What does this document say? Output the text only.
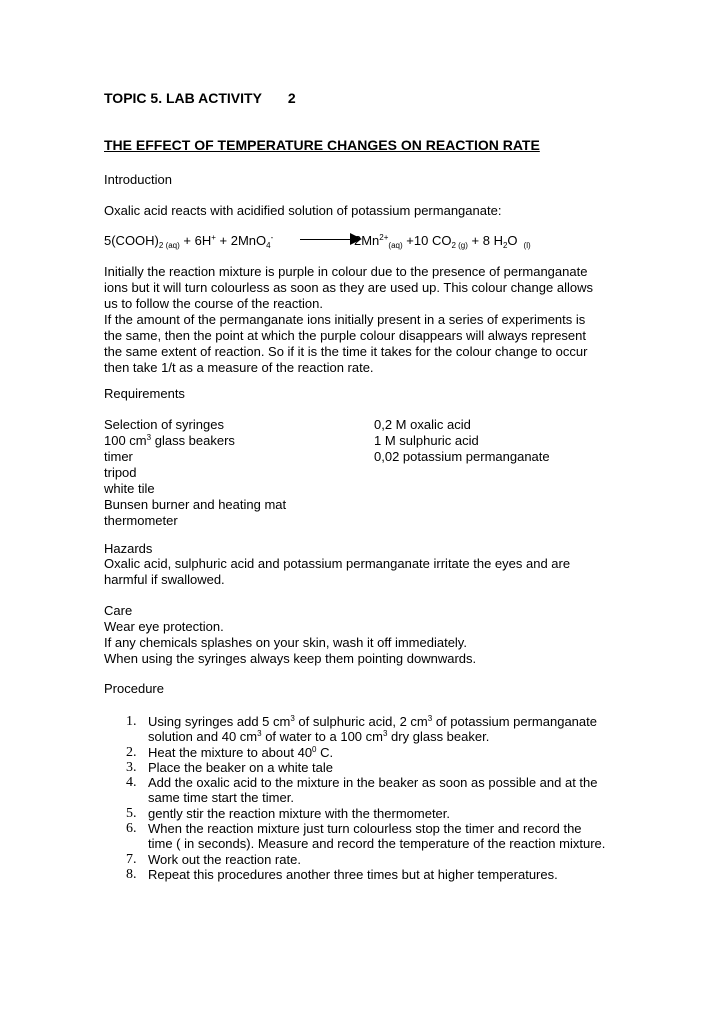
TOPIC 5. LAB ACTIVITY 2
THE EFFECT OF TEMPERATURE CHANGES ON REACTION RATE
Introduction
Oxalic acid reacts with acidified solution of potassium permanganate:
$5(COOH)_{2 (aq)} + 6H^+ + 2MnO_4^-$	$2Mn^{2+}_{(aq)} +10$ $CO_{2 (g)} + 8$ $H_2O$ $_{(l)}$
Initially the reaction mixture is purple in colour due to the presence of permanganate
ions but it will turn colourless as soon as they are used up. This colour change allows
us to follow the course of the reaction.
If the amount of the permanganate ions initially present in a series of experiments is
the same, then the point at which the purple colour disappears will always represent
the same extent of reaction. So if it is the time it takes for the colour change to occur
then take 1/t as a measure of the reaction rate.
Requirements
Selection of syringes	0,2 M oxalic acid
100 $cm^3$ glass beakers	1 M sulphuric acid
timer	0,02 potassium permanganate
tripod
white tile
Bunsen burner and heating mat
thermometer
Hazards
Oxalic acid, sulphuric acid and potassium permanganate irritate the eyes and are
harmful if swallowed.
Care
Wear eye protection.
If any chemicals splashes on your skin, wash it off immediately.
When using the syringes always keep them pointing downwards.
Procedure
1. Using syringes add 5 $cm^3$ of sulphuric acid, 2 $cm^3$ of potassium permanganate
solution and 40 $cm^3$ of water to a 100 $cm^3$ dry glass beaker.
2. Heat the mixture to about $40^0$ C.
3. Place the beaker on a white tale
4. Add the oxalic acid to the mixture in the beaker as soon as possible and at the
same time start the timer.
5. gently stir the reaction mixture with the thermometer.
6. When the reaction mixture just turn colourless stop the timer and record the
time ( in seconds). Measure and record the temperature of the reaction mixture.
7. Work out the reaction rate.
8. Repeat this procedures another three times but at higher temperatures.
